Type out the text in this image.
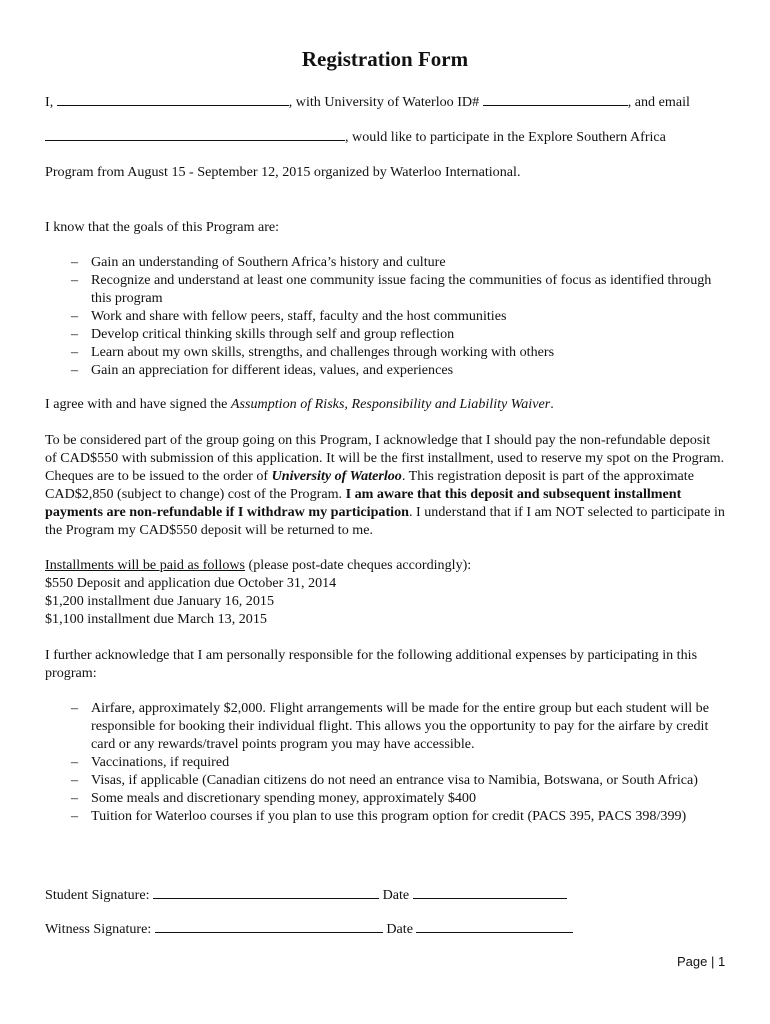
Registration Form
I,	, with University of Waterloo ID#	, and email
, would like to participate in the Explore Southern Africa
Program from August 15 - September 12, 2015 organized by Waterloo International.
I know that the goals of this Program are:
– Gain an understanding of Southern Africa’s history and culture
– Recognize and understand at least one community issue facing the communities of focus as identified through this program
– Work and share with fellow peers, staff, faculty and the host communities
– Develop critical thinking skills through self and group reflection
– Learn about my own skills, strengths, and challenges through working with others
– Gain an appreciation for different ideas, values, and experiences
I agree with and have signed the Assumption of Risks, Responsibility and Liability Waiver.

To be considered part of the group going on this Program, I acknowledge that I should pay the non-refundable deposit of CAD$550 with submission of this application. It will be the first installment, used to reserve my spot on the Program. Cheques are to be issued to the order of University of Waterloo. This registration deposit is part of the approximate CAD$2,850 (subject to change) cost of the Program. I am aware that this deposit and subsequent installment payments are non-refundable if I withdraw my participation. I understand that if I am NOT selected to participate in the Program my CAD$550 deposit will be returned to me.

Installments will be paid as follows (please post-date cheques accordingly):
$550 Deposit and application due October 31, 2014
$1,200 installment due January 16, 2015
$1,100 installment due March 13, 2015

I further acknowledge that I am personally responsible for the following additional expenses by participating in this program:

– Airfare, approximately $2,000. Flight arrangements will be made for the entire group but each student will be responsible for booking their individual flight. This allows you the opportunity to pay for the airfare by credit card or any rewards/travel points program you may have accessible.
– Vaccinations, if required
– Visas, if applicable (Canadian citizens do not need an entrance visa to Namibia, Botswana, or South Africa)
– Some meals and discretionary spending money, approximately $400
– Tuition for Waterloo courses if you plan to use this program option for credit (PACS 395, PACS 398/399)
Student Signature:	Date
Witness Signature:	Date
Page | 1
